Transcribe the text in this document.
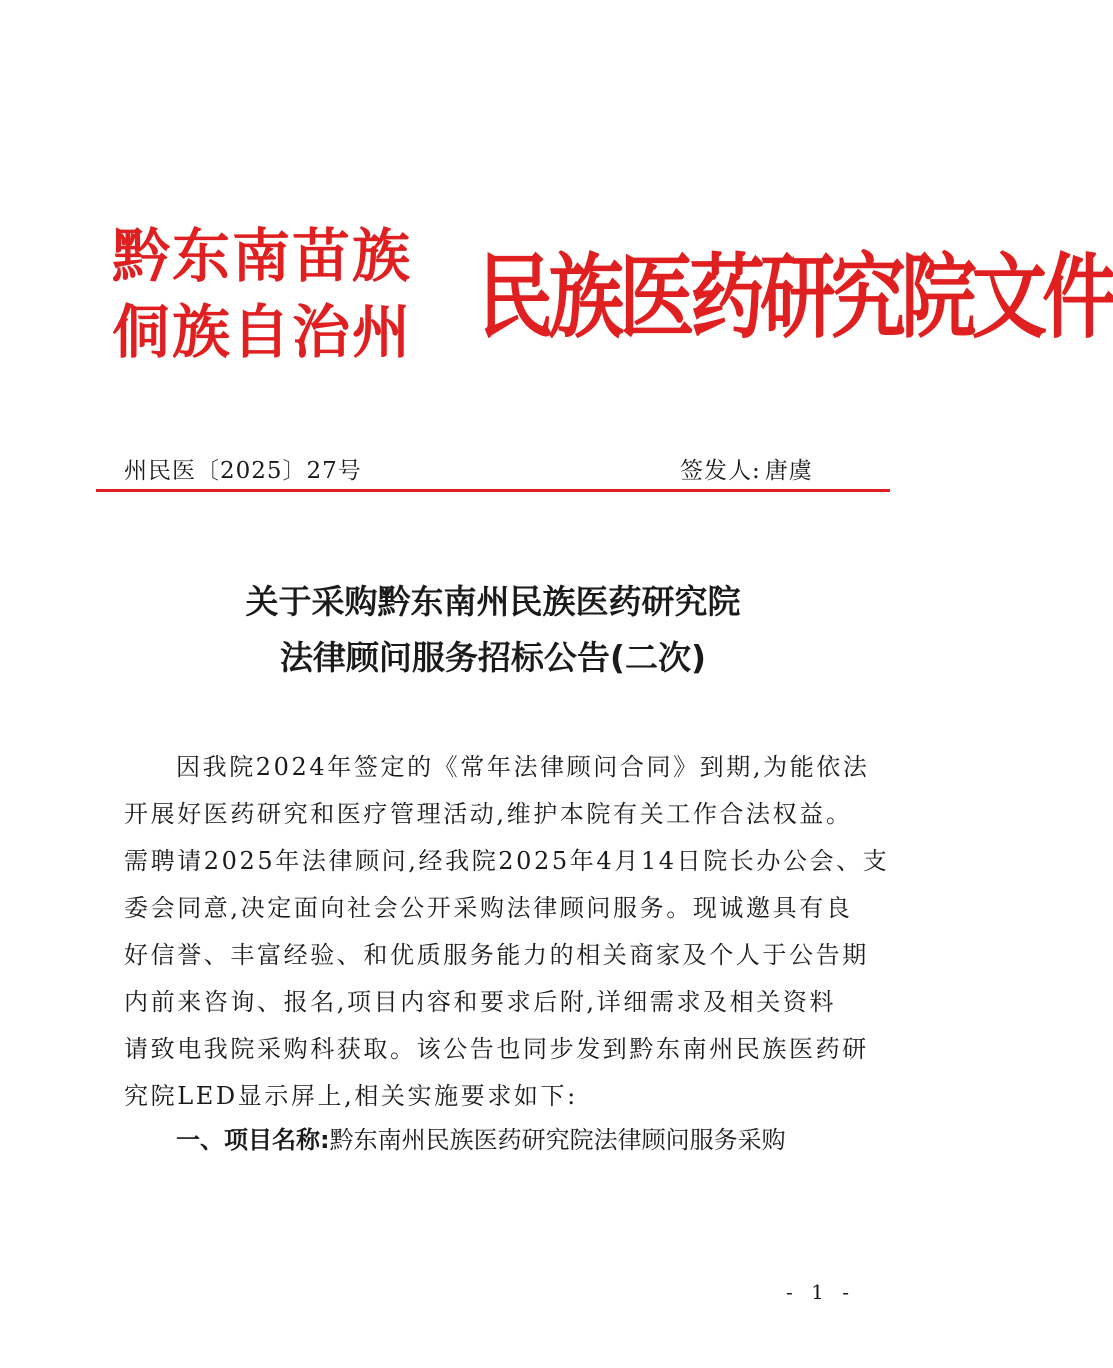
黔东南苗族
侗族自治州 民族医药研究院文件
州民医〔2025〕27号	签发人: 唐虞
关于采购黔东南州民族医药研究院
法律顾问服务招标公告(二次)
因我院2024年签定的《常年法律顾问合同》到期,为能依法
开展好医药研究和医疗管理活动,维护本院有关工作合法权益。
需聘请2025年法律顾问,经我院2025年4月14日院长办公会、支
委会同意,决定面向社会公开采购法律顾问服务。现诚邀具有良
好信誉、丰富经验、和优质服务能力的相关商家及个人于公告期
内前来咨询、报名,项目内容和要求后附,详细需求及相关资料
请致电我院采购科获取。该公告也同步发到黔东南州民族医药研
究院LED显示屏上,相关实施要求如下:
一、项目名称:黔东南州民族医药研究院法律顾问服务采购
- 1 -
